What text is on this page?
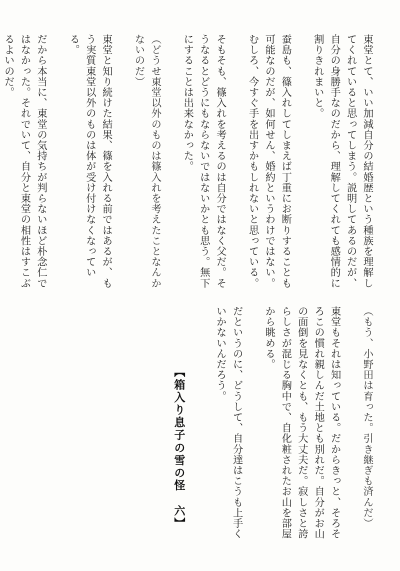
東堂とて、いい加減自分の結婚歴という種族を理解してくれていると思ってしまう。説明してあるのだが、自分の身勝手なのだから、理解してくれても感情的に割りきれまいと。

蚕島も、篠入れしてしまえば丁重にお断りすることも可能なのだが、如何せん、婚約というわけではない。むしろ、今すぐ手を出すかもしれないと思っている。

そもそも、篠入れを考えるのは自分ではなく父だ。そうなるとどうにもならないではないかとも思う。無下にすることは出来なかった。

（どうせ東堂以外のものは篠入れを考えたことなんかないのだ）

東堂と知り続けた結果、篠を入れる前ではあるが、もう実質東堂以外のものは体が受け付けなくなっている。

だから本当に、東堂の気持ちが判らないほど朴念仁ではなかった。それでいて、自分と東堂の相性はすこぶるよいのだ。

（もう、小野田は育った。引き継ぎも済んだ）

東堂もそれは知っている。だからきっと、そろそろこの慣れ親しんだ土地とも別れだ。自分がお山の面倒を見なくとも、もう大丈夫だ。寂しさと誇らしさが混じる胸中で、自化粧されたお山を部屋から眺める。

だというのに、どうして、自分達はこうも上手くいかないんだろう。

【箱入り息子の雪の怪　六】
